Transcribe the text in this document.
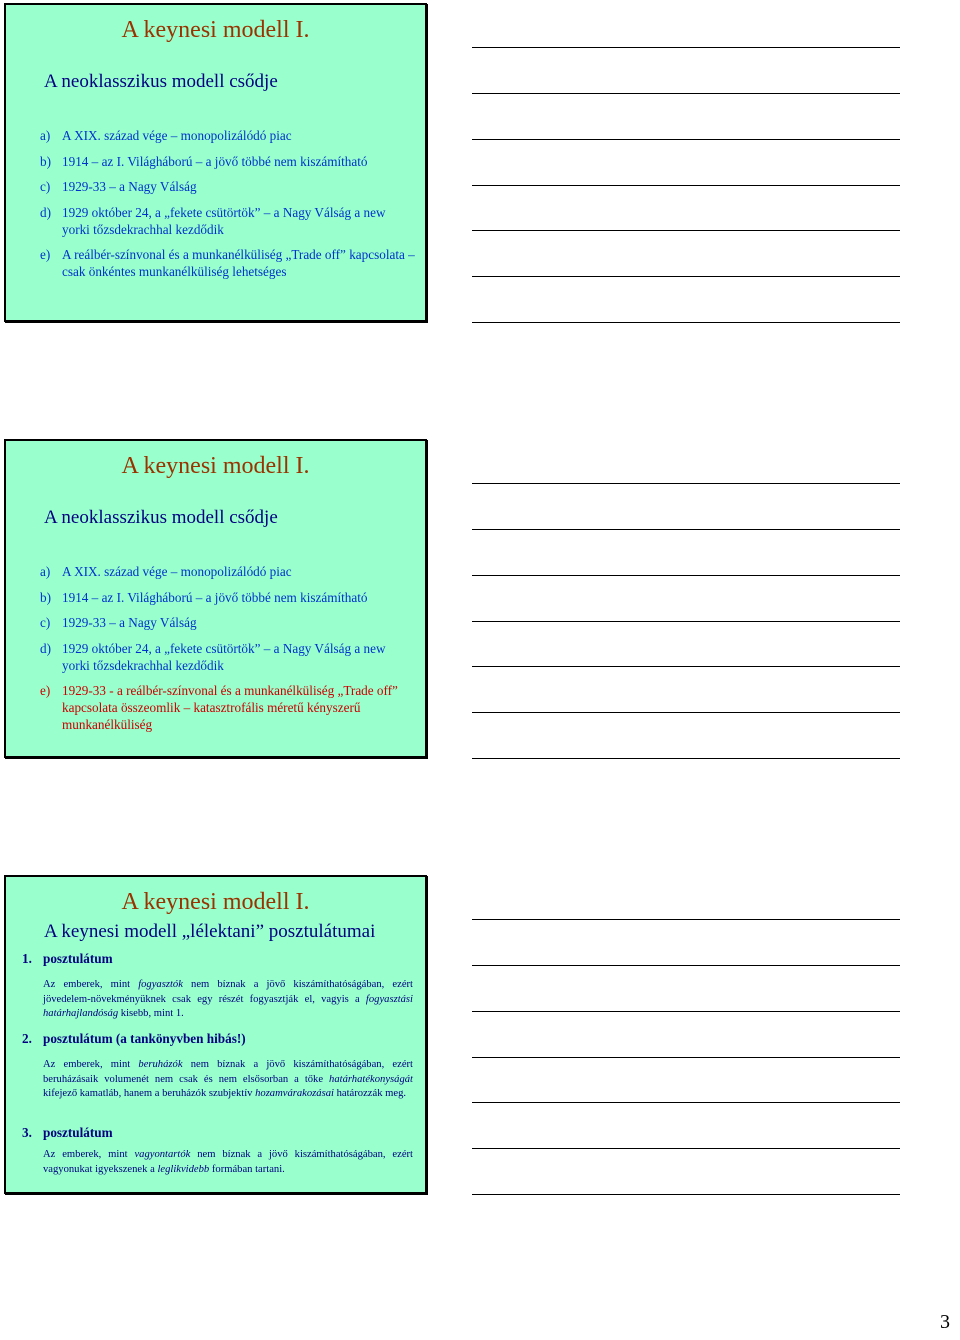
A keynesi modell I.
A neoklasszikus modell csődje
a) A XIX. század vége – monopolizálódó piac
b) 1914 – az I. Világháború – a jövő többé nem kiszámítható
c) 1929-33 – a Nagy Válság
d) 1929 október 24, a „fekete csütörtök” – a Nagy Válság a new yorki tőzsdekrachhal kezdődik
e) A reálbér-színvonal és a munkanélküliség „Trade off” kapcsolata – csak önkéntes munkanélküliség lehetséges
A keynesi modell I.
A neoklasszikus modell csődje
a) A XIX. század vége – monopolizálódó piac
b) 1914 – az I. Világháború – a jövő többé nem kiszámítható
c) 1929-33 – a Nagy Válság
d) 1929 október 24, a „fekete csütörtök” – a Nagy Válság a new yorki tőzsdekrachhal kezdődik
e) 1929-33 - a reálbér-színvonal és a munkanélküliség „Trade off” kapcsolata összeomlik – katasztrofális méretű kényszerű munkanélküliség
A keynesi modell I.
A keynesi modell „lélektani” posztulátumai
1. posztulátum
Az emberek, mint fogyasztók nem bíznak a jövő kiszámíthatóságában, ezért jövedelem-növekményüknek csak egy részét fogyasztják el, vagyis a fogyasztási határhajlandóság kisebb, mint 1.
2. posztulátum (a tankönyvben hibás!)
Az emberek, mint beruházók nem bíznak a jövő kiszámíthatóságában, ezért beruházásaik volumenét nem csak és nem elsősorban a tőke határhatékonyságát kifejező kamatláb, hanem a beruházók szubjektív hozamvárakozásai határozzák meg.
3. posztulátum
Az emberek, mint vagyontartók nem bíznak a jövő kiszámíthatóságában, ezért vagyonukat igyekszenek a leglikvidebb formában tartani.
3
